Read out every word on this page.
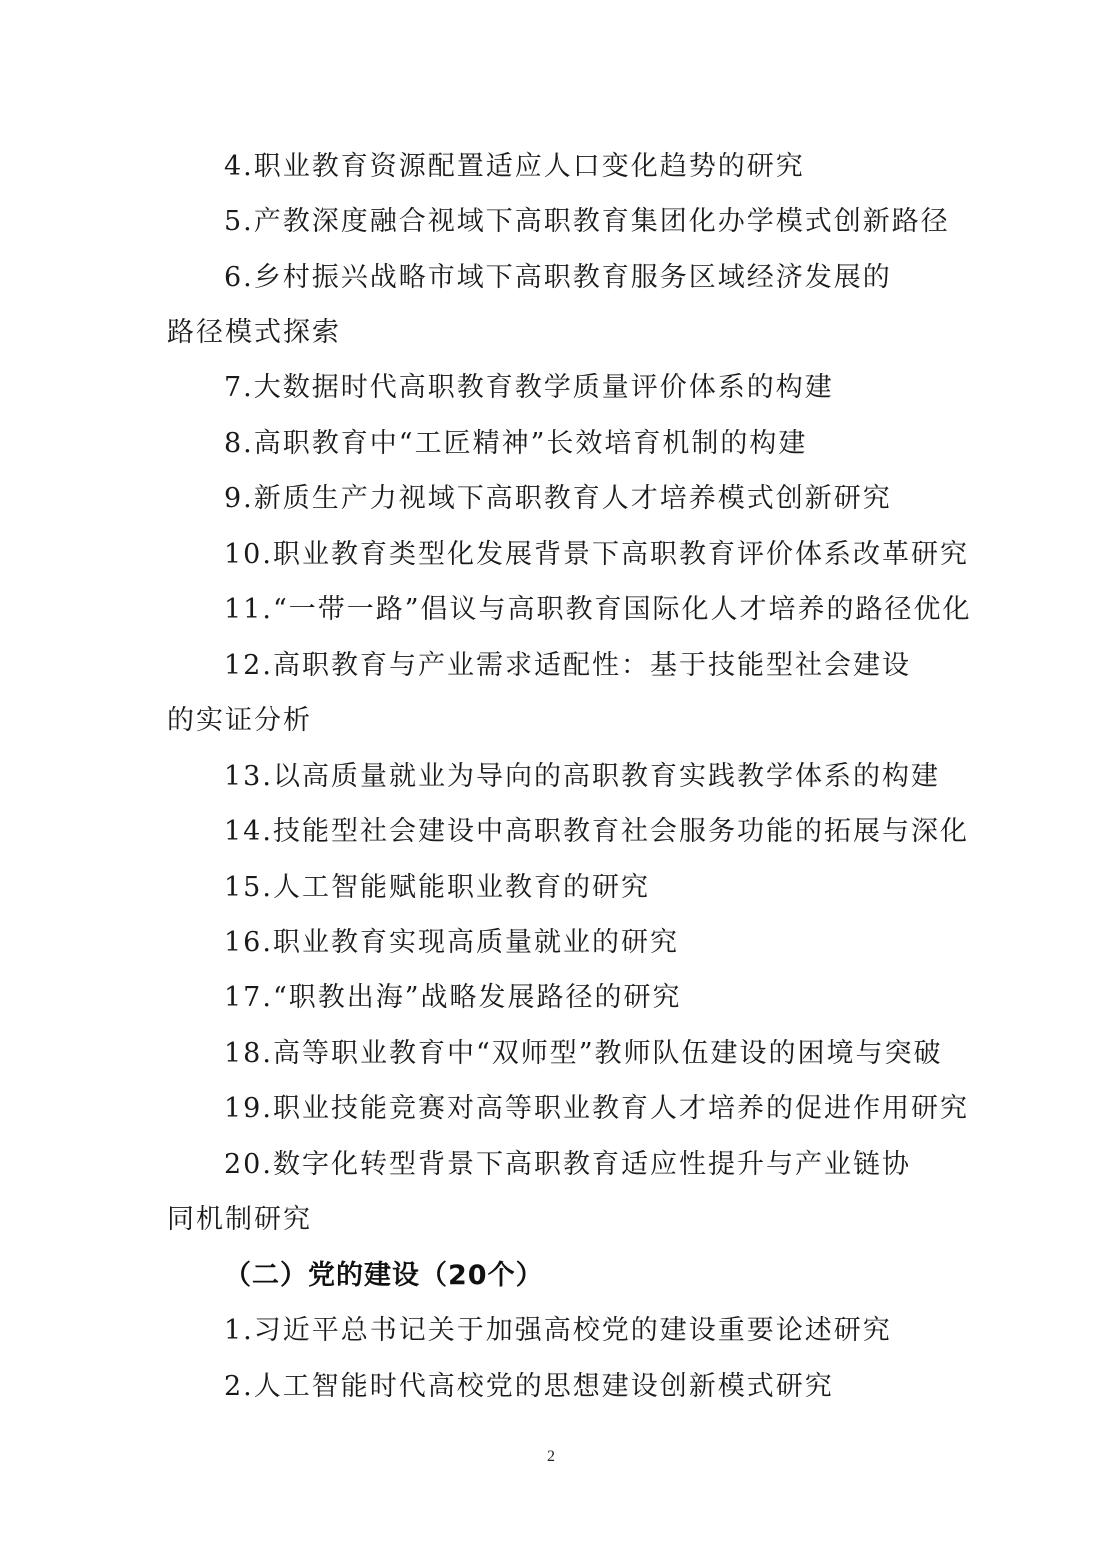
4.职业教育资源配置适应人口变化趋势的研究
5.产教深度融合视域下高职教育集团化办学模式创新路径
6.乡村振兴战略市域下高职教育服务区域经济发展的
路径模式探索
7.大数据时代高职教育教学质量评价体系的构建
8.高职教育中“工匠精神”长效培育机制的构建
9.新质生产力视域下高职教育人才培养模式创新研究
10.职业教育类型化发展背景下高职教育评价体系改革研究
11.“一带一路”倡议与高职教育国际化人才培养的路径优化
12.高职教育与产业需求适配性：基于技能型社会建设
的实证分析
13.以高质量就业为导向的高职教育实践教学体系的构建
14.技能型社会建设中高职教育社会服务功能的拓展与深化
15.人工智能赋能职业教育的研究
16.职业教育实现高质量就业的研究
17.“职教出海”战略发展路径的研究
18.高等职业教育中“双师型”教师队伍建设的困境与突破
19.职业技能竞赛对高等职业教育人才培养的促进作用研究
20.数字化转型背景下高职教育适应性提升与产业链协
同机制研究
（二）党的建设（20个）
1.习近平总书记关于加强高校党的建设重要论述研究
2.人工智能时代高校党的思想建设创新模式研究
2
